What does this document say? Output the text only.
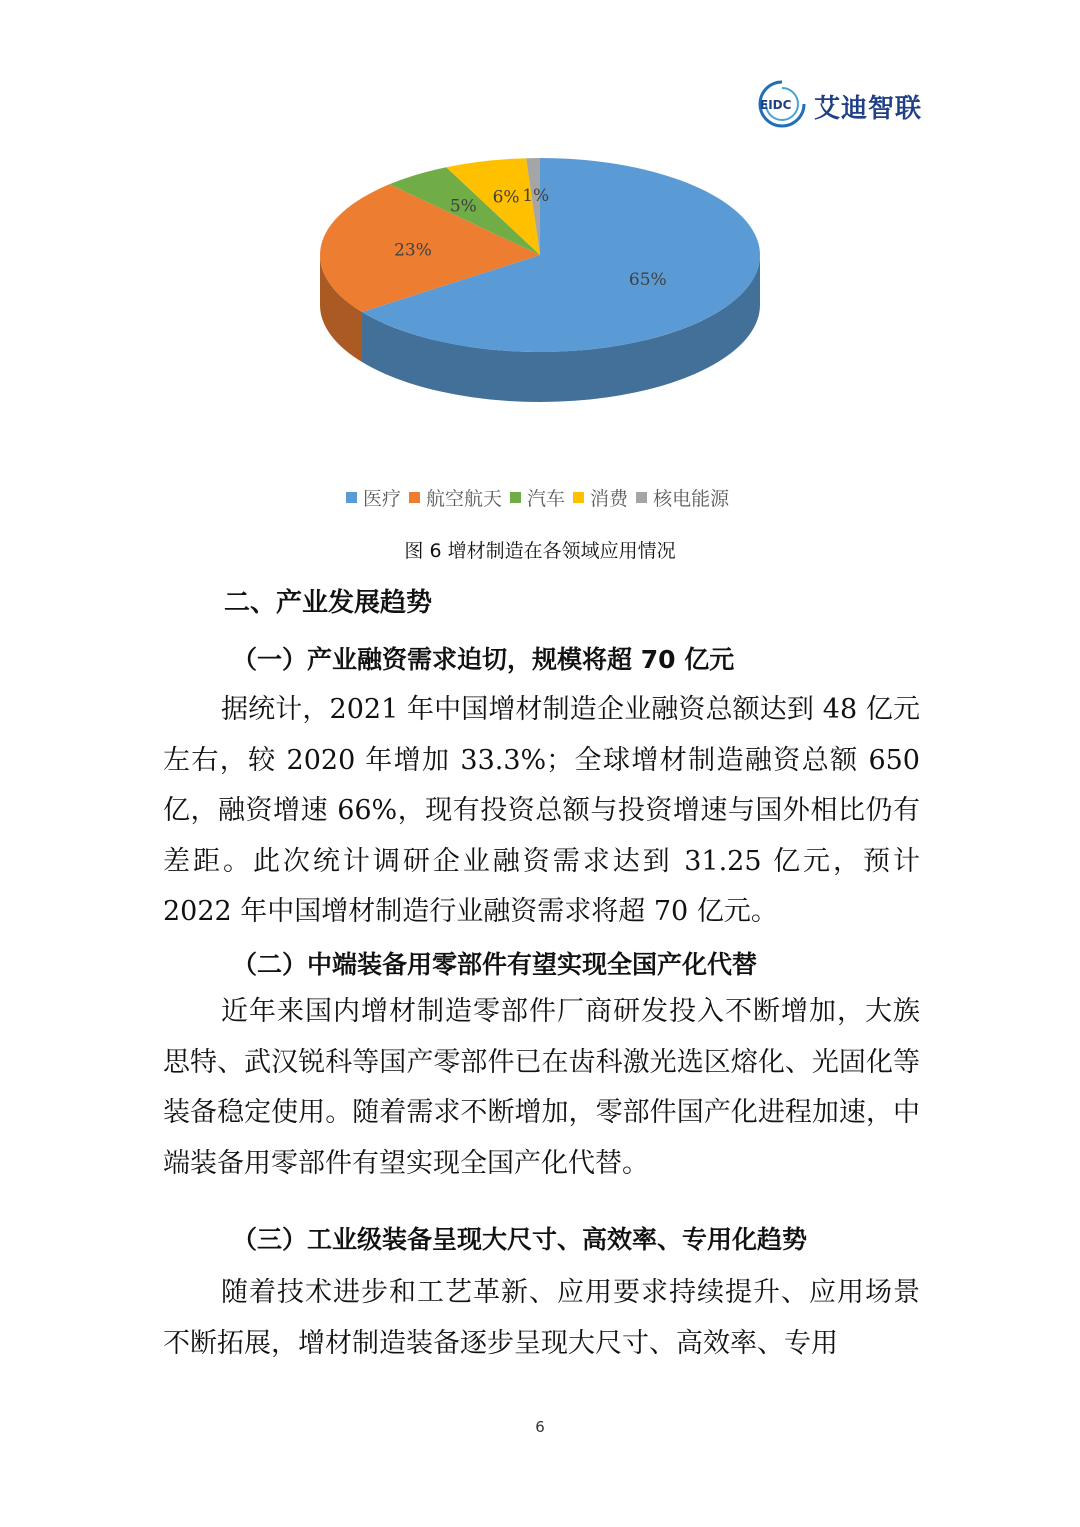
EIDC 艾迪智联
65%
23%
5% 6% 1%
医疗 航空航天 汽车 消费 核电能源
图 6 增材制造在各领域应用情况
二、产业发展趋势
（一）产业融资需求迫切，规模将超 70 亿元

据统计，2021 年中国增材制造企业融资总额达到 48 亿元左右，较 2020 年增加 33.3%；全球增材制造融资总额 650 亿，融资增速 66%，现有投资总额与投资增速与国外相比仍有差距。此次统计调研企业融资需求达到 31.25 亿元，预计 2022 年中国增材制造行业融资需求将超 70 亿元。

（二）中端装备用零部件有望实现全国产化代替

近年来国内增材制造零部件厂商研发投入不断增加，大族思特、武汉锐科等国产零部件已在齿科激光选区熔化、光固化等装备稳定使用。随着需求不断增加，零部件国产化进程加速，中端装备用零部件有望实现全国产化代替。

（三）工业级装备呈现大尺寸、高效率、专用化趋势

随着技术进步和工艺革新、应用要求持续提升、应用场景不断拓展，增材制造装备逐步呈现大尺寸、高效率、专用

6
